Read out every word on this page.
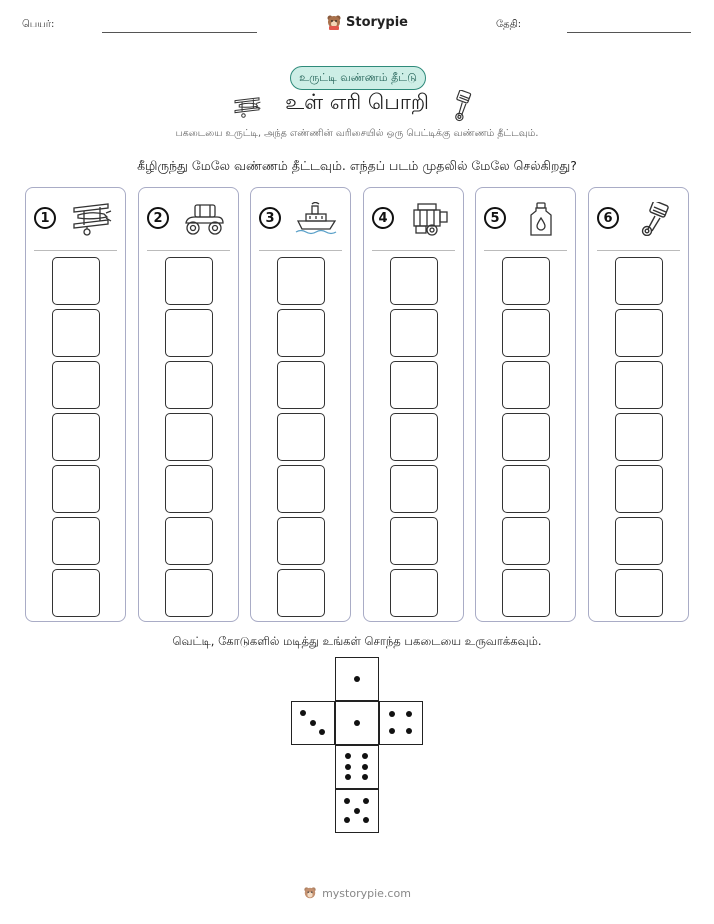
பெயர்:	Storypie	தேதி:
உருட்டி வண்ணம் தீட்டு
உள் எரி பொறி
பகடையை உருட்டி, அந்த எண்ணின் வரிசையில் ஒரு பெட்டிக்கு வண்ணம் தீட்டவும்.
கீழிருந்து மேலே வண்ணம் தீட்டவும். எந்தப் படம் முதலில் மேலே செல்கிறது?
1	2	3	4	5	6
வெட்டி, கோடுகளில் மடித்து உங்கள் சொந்த பகடையை உருவாக்கவும்.
mystorypie.com
